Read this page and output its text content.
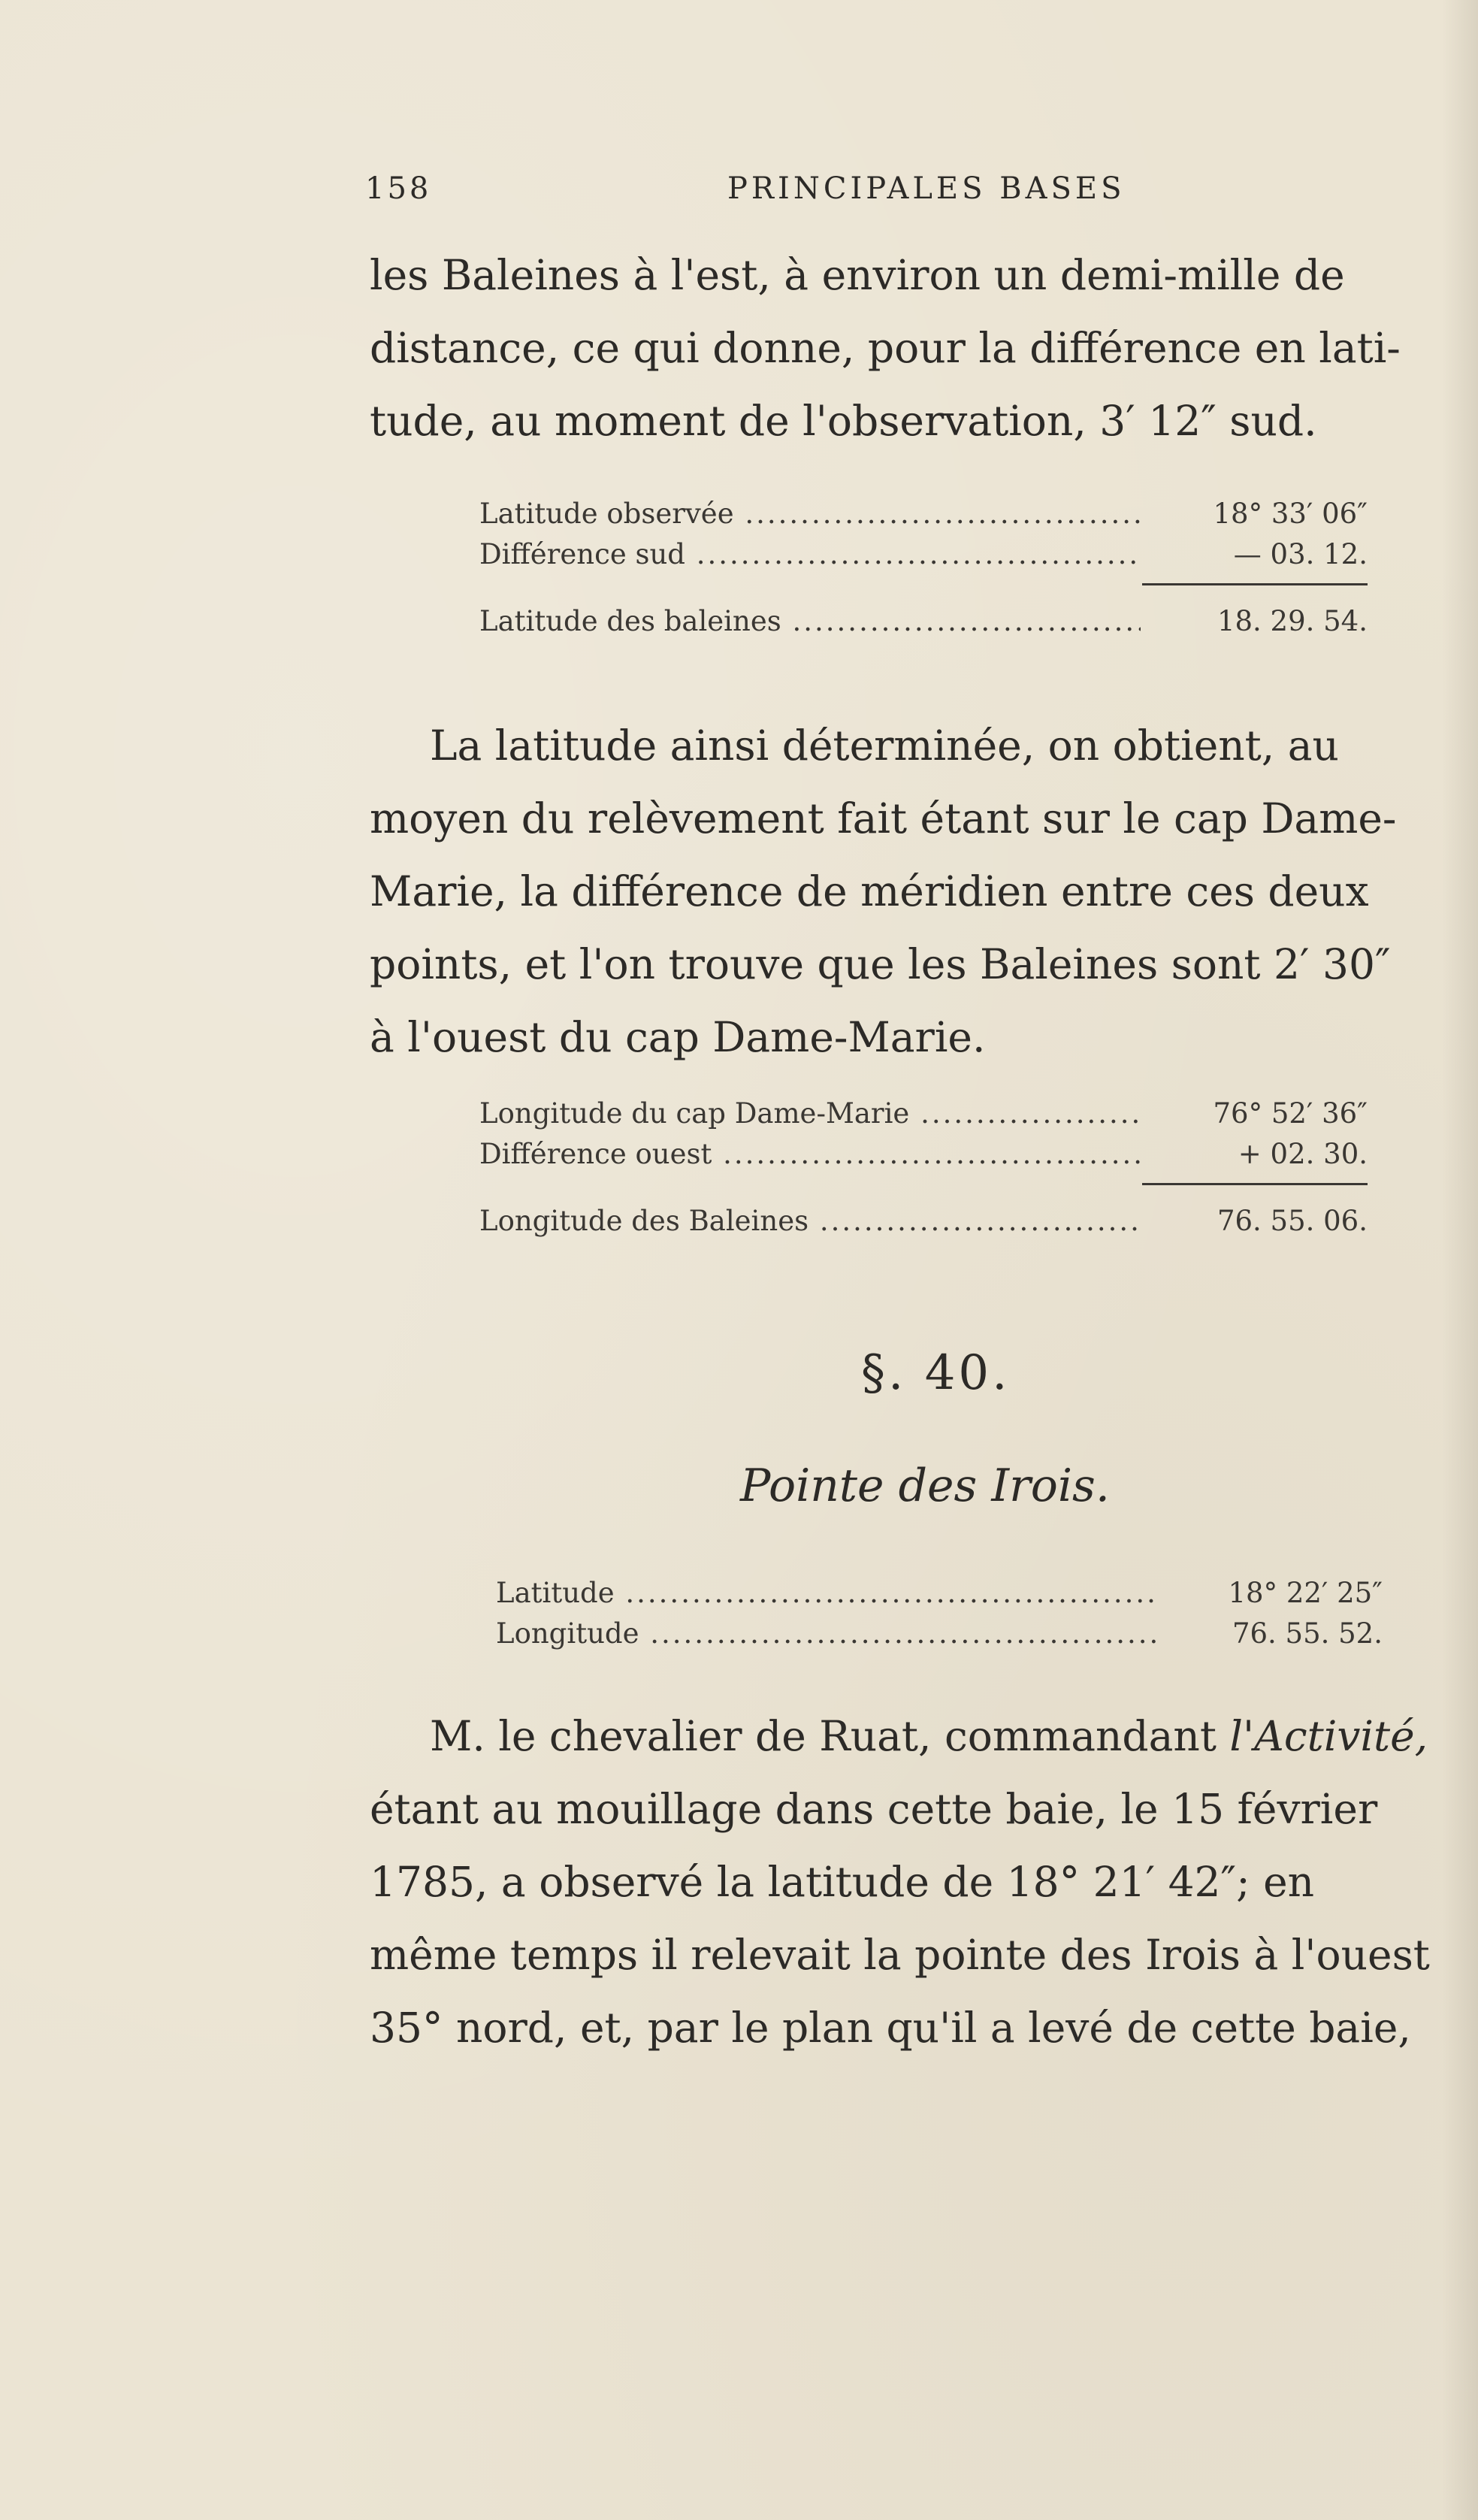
158	PRINCIPALES BASES
les Baleines à l'est, à environ un demi-mille de
distance, ce qui donne, pour la différence en lati-
tude, au moment de l'observation, 3′ 12″ sud.
Latitude observée .....	18° 33′ 06″
Différence sud .....	— 03. 12.
Latitude des baleines .....	18. 29. 54.
La latitude ainsi déterminée, on obtient, au
moyen du relèvement fait étant sur le cap Dame-
Marie, la différence de méridien entre ces deux
points, et l'on trouve que les Baleines sont 2′ 30″
à l'ouest du cap Dame-Marie.
Longitude du cap Dame-Marie .....	76° 52′ 36″
Différence ouest .....	+ 02. 30.
Longitude des Baleines .....	76. 55. 06.
§. 40.
Pointe des Irois.
Latitude .....	18° 22′ 25″
Longitude .....	76. 55. 52.
M. le chevalier de Ruat, commandant l'Activité,
étant au mouillage dans cette baie, le 15 février
1785, a observé la latitude de 18° 21′ 42″; en
même temps il relevait la pointe des Irois à l'ouest
35° nord, et, par le plan qu'il a levé de cette baie,
